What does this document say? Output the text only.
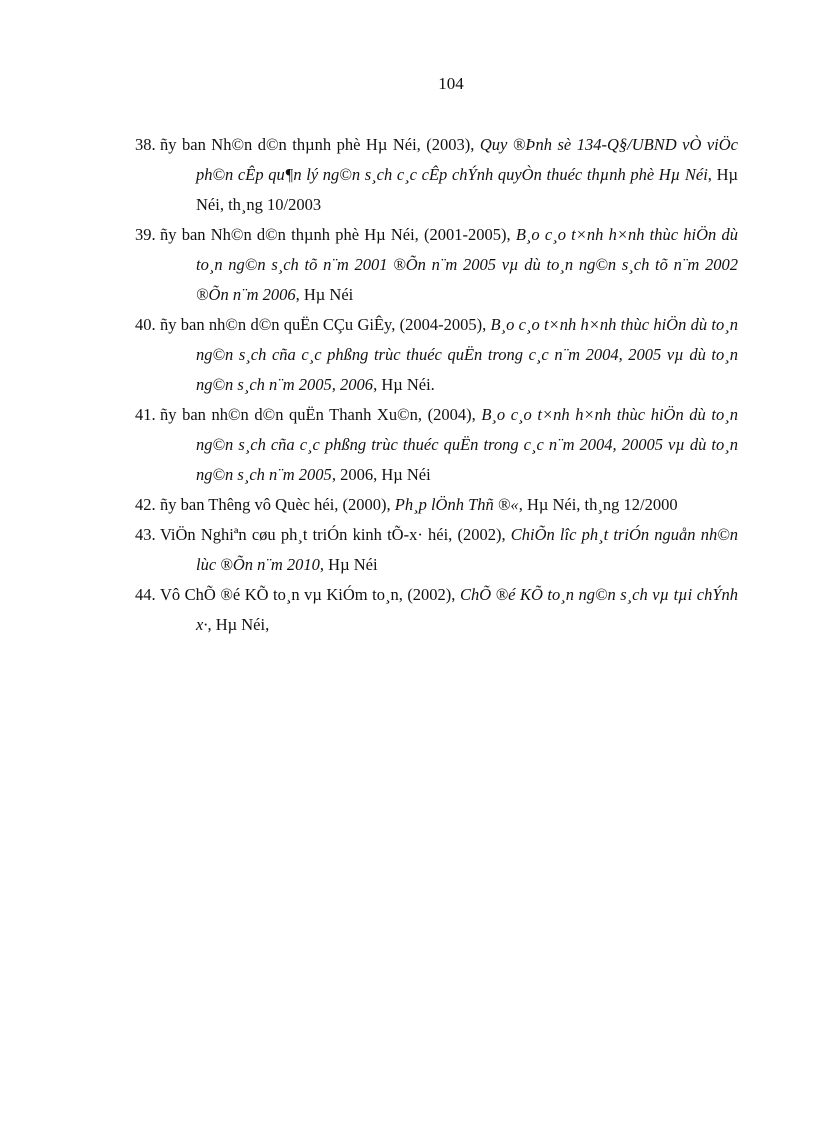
104
38. ñy ban Nh©n d©n thµnh phè Hµ Néi, (2003), Quy ®Þnh sè 134-Q§/UBND vÒ viÖc ph©n cÊp qu¶n lý ng©n s¸ch c¸c cÊp chÝnh quyÒn thuéc thµnh phè Hµ Néi, Hµ Néi, th¸ng 10/2003
39. ñy ban Nh©n d©n thµnh phè Hµ Néi, (2001-2005), B¸o c¸o t×nh h×nh thùc hiÖn dù to¸n ng©n s¸ch tõ n¨m 2001 ®Õn n¨m 2005 vµ dù to¸n ng©n s¸ch tõ n¨m 2002 ®Õn n¨m 2006, Hµ Néi
40. ñy ban nh©n d©n quËn CÇu GiÊy, (2004-2005), B¸o c¸o t×nh h×nh thùc hiÖn dù to¸n ng©n s¸ch cña c¸c phßng trùc thuéc quËn trong c¸c n¨m 2004, 2005 vµ dù to¸n ng©n s¸ch n¨m 2005, 2006, Hµ Néi.
41. ñy ban nh©n d©n quËn Thanh Xu©n, (2004), B¸o c¸o t×nh h×nh thùc hiÖn dù to¸n ng©n s¸ch cña c¸c phßng trùc thuéc quËn trong c¸c n¨m 2004, 20005 vµ dù to¸n ng©n s¸ch n¨m 2005, 2006, Hµ Néi
42. ñy ban Thêng vô Quèc héi, (2000), Ph¸p lÖnh Thñ ®«, Hµ Néi, th¸ng 12/2000
43. ViÖn Nghiªn cøu ph¸t triÓn kinh tÕ-x· héi, (2002), ChiÕn lîc ph¸t triÓn nguån nh©n lùc ®Õn n¨m 2010, Hµ Néi
44. Vô ChÕ ®é KÕ to¸n vµ KiÓm to¸n, (2002), ChÕ ®é KÕ to¸n ng©n s¸ch vµ tµi chÝnh x·, Hµ Néi,
